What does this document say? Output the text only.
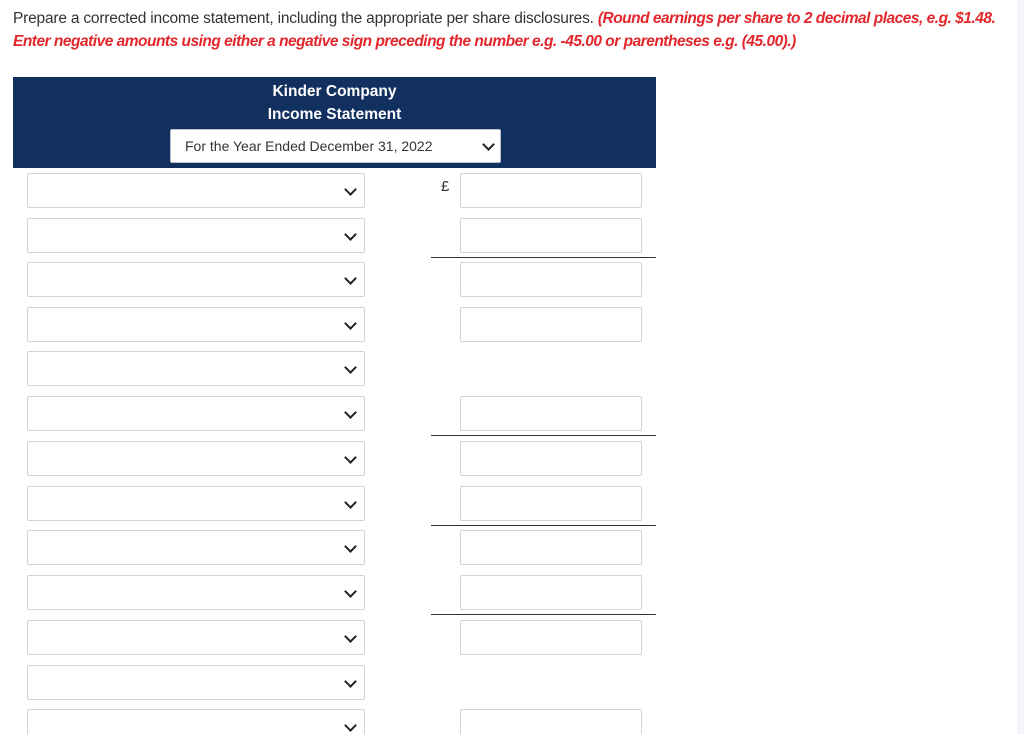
Prepare a corrected income statement, including the appropriate per share disclosures. (Round earnings per share to 2 decimal places, e.g. $1.48. Enter negative amounts using either a negative sign preceding the number e.g. -45.00 or parentheses e.g. (45.00).)
Kinder Company
Income Statement
For the Year Ended December 31, 2022
£
